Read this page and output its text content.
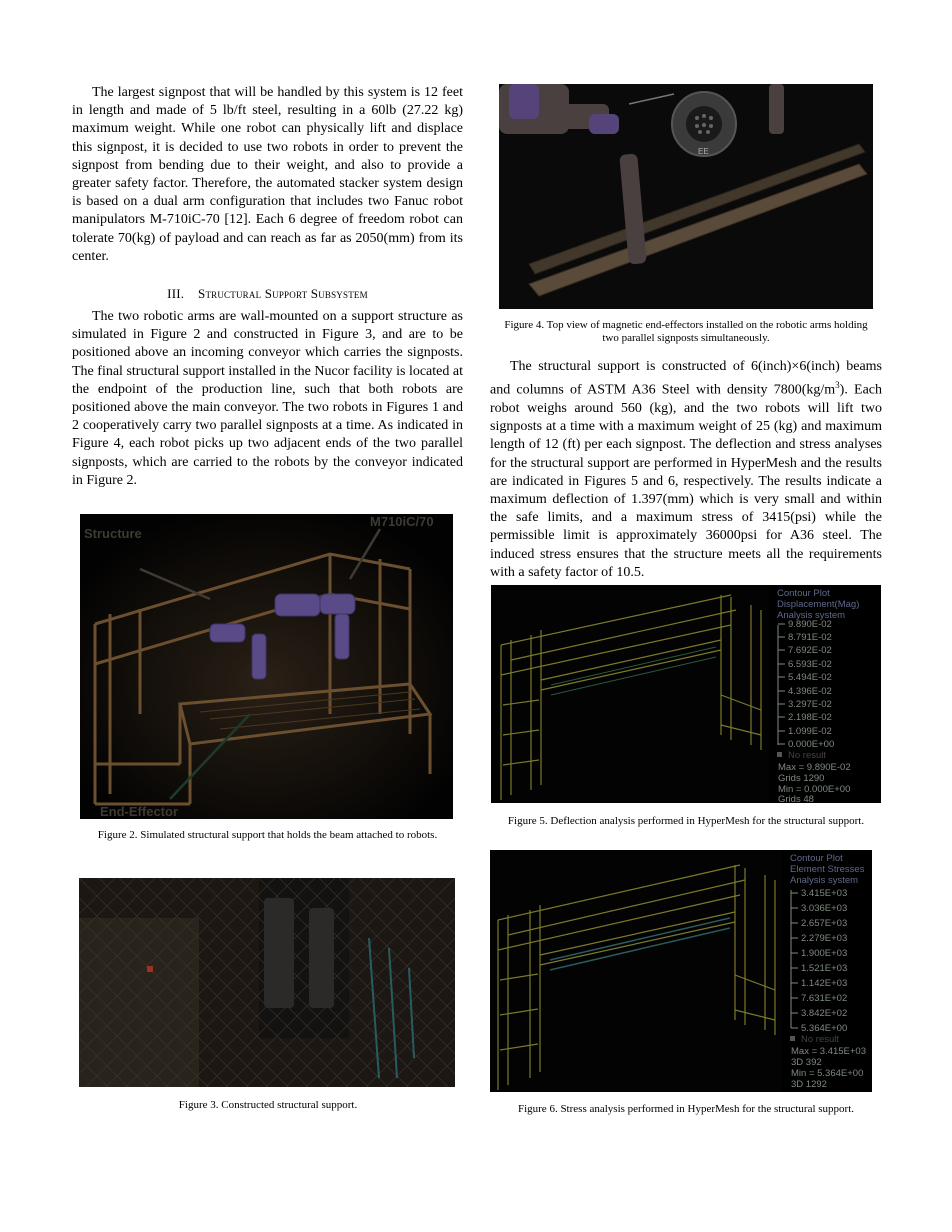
The largest signpost that will be handled by this system is 12 feet in length and made of 5 lb/ft steel, resulting in a 60lb (27.22 kg) maximum weight. While one robot can physically lift and displace this signpost, it is decided to use two robots in order to prevent the signpost from bending due to their weight, and also to provide a greater safety factor. Therefore, the automated stacker system design is based on a dual arm configuration that includes two Fanuc robot manipulators M-710iC-70 [12]. Each 6 degree of freedom robot can tolerate 70(kg) of payload and can reach as far as 2050(mm) from its center.

III. Structural Support Subsystem

The two robotic arms are wall-mounted on a support structure as simulated in Figure 2 and constructed in Figure 3, and are to be positioned above an incoming conveyor which carries the signposts. The final structural support installed in the Nucor facility is located at the endpoint of the production line, such that both robots are positioned above the main conveyor. The two robots in Figures 1 and 2 cooperatively carry two parallel signposts at a time. As indicated in Figure 4, each robot picks up two adjacent ends of the two parallel signposts, which are carried to the robots by the conveyor indicated in Figure 2.

Structure
M710iC/70
End-Effector

Figure 2. Simulated structural support that holds the beam attached to robots.

Figure 3. Constructed structural support.

EE

Figure 4. Top view of magnetic end-effectors installed on the robotic arms holding two parallel signposts simultaneously.

The structural support is constructed of 6(inch)×6(inch) beams and columns of ASTM A36 Steel with density $7800(kg/m^3)$. Each robot weighs around 560 (kg), and the two robots will lift two signposts at a time with a maximum weight of 25 (kg) and maximum length of 12 (ft) per each signpost. The deflection and stress analyses for the structural support are performed in HyperMesh and the results are indicated in Figures 5 and 6, respectively. The results indicate a maximum deflection of 1.397(mm) which is very small and within the safe limits, and a maximum stress of 3415(psi) while the permissible limit is approximately 36000psi for A36 steel. The induced stress ensures that the structure meets all the requirements with a safety factor of 10.5.

Contour Plot
Displacement(Mag)
Analysis system
9.890E-02
8.791E-02
7.692E-02
6.593E-02
5.494E-02
4.396E-02
3.297E-02
2.198E-02
1.099E-02
0.000E+00
No result
Max = 9.890E-02
Grids 1290
Min = 0.000E+00
Grids 48

Figure 5. Deflection analysis performed in HyperMesh for the structural support.

Contour Plot
Element Stresses
Analysis system
3.415E+03
3.036E+03
2.657E+03
2.279E+03
1.900E+03
1.521E+03
1.142E+03
7.631E+02
3.842E+02
5.364E+00
No result
Max = 3.415E+03
3D 392
Min = 5.364E+00
3D 1292

Figure 6. Stress analysis performed in HyperMesh for the structural support.
